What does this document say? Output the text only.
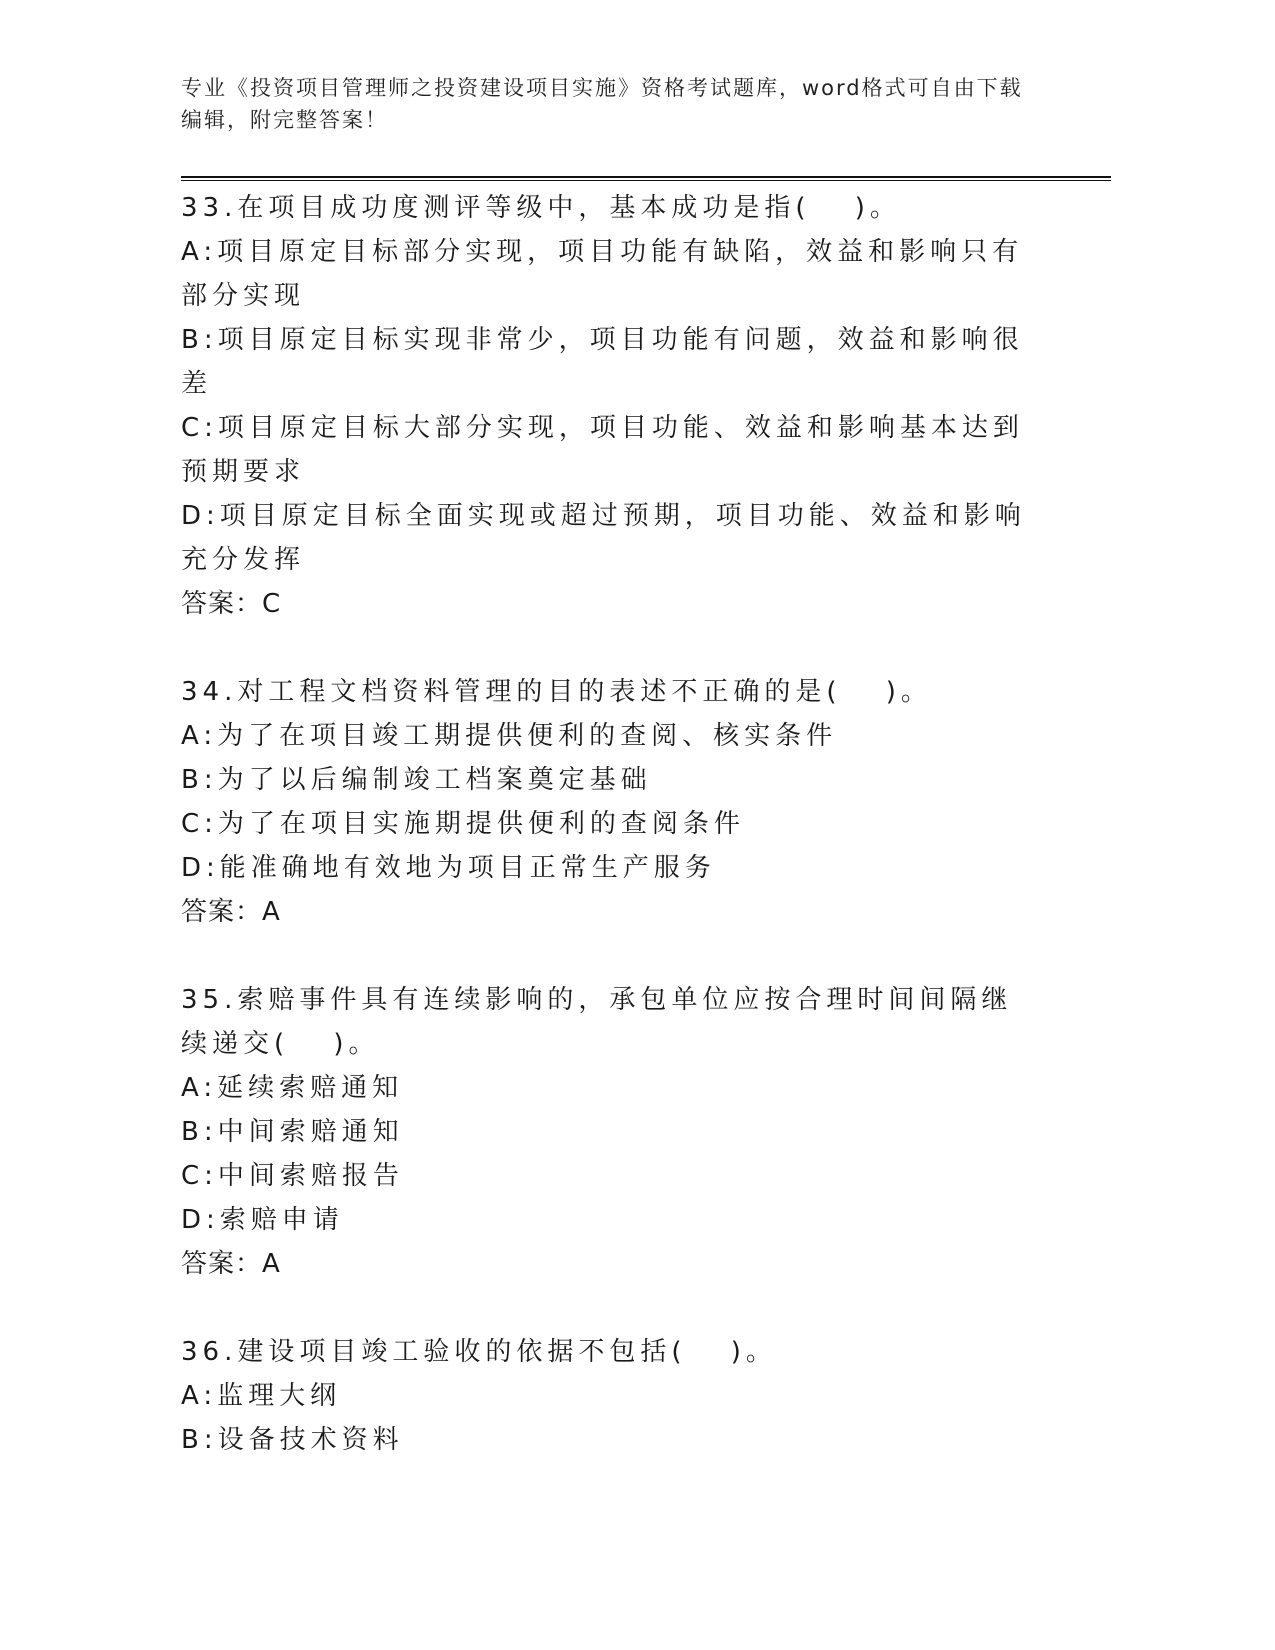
专业《投资项目管理师之投资建设项目实施》资格考试题库，word格式可自由下载编辑，附完整答案！
33.在项目成功度测评等级中，基本成功是指(　 )。
A:项目原定目标部分实现，项目功能有缺陷，效益和影响只有部分实现
B:项目原定目标实现非常少，项目功能有问题，效益和影响很差
C:项目原定目标大部分实现，项目功能、效益和影响基本达到预期要求
D:项目原定目标全面实现或超过预期，项目功能、效益和影响充分发挥
答案：C
34.对工程文档资料管理的目的表述不正确的是(　 )。
A:为了在项目竣工期提供便利的查阅、核实条件
B:为了以后编制竣工档案奠定基础
C:为了在项目实施期提供便利的查阅条件
D:能准确地有效地为项目正常生产服务
答案：A
35.索赔事件具有连续影响的，承包单位应按合理时间间隔继续递交(　 )。
A:延续索赔通知
B:中间索赔通知
C:中间索赔报告
D:索赔申请
答案：A
36.建设项目竣工验收的依据不包括(　 )。
A:监理大纲
B:设备技术资料
